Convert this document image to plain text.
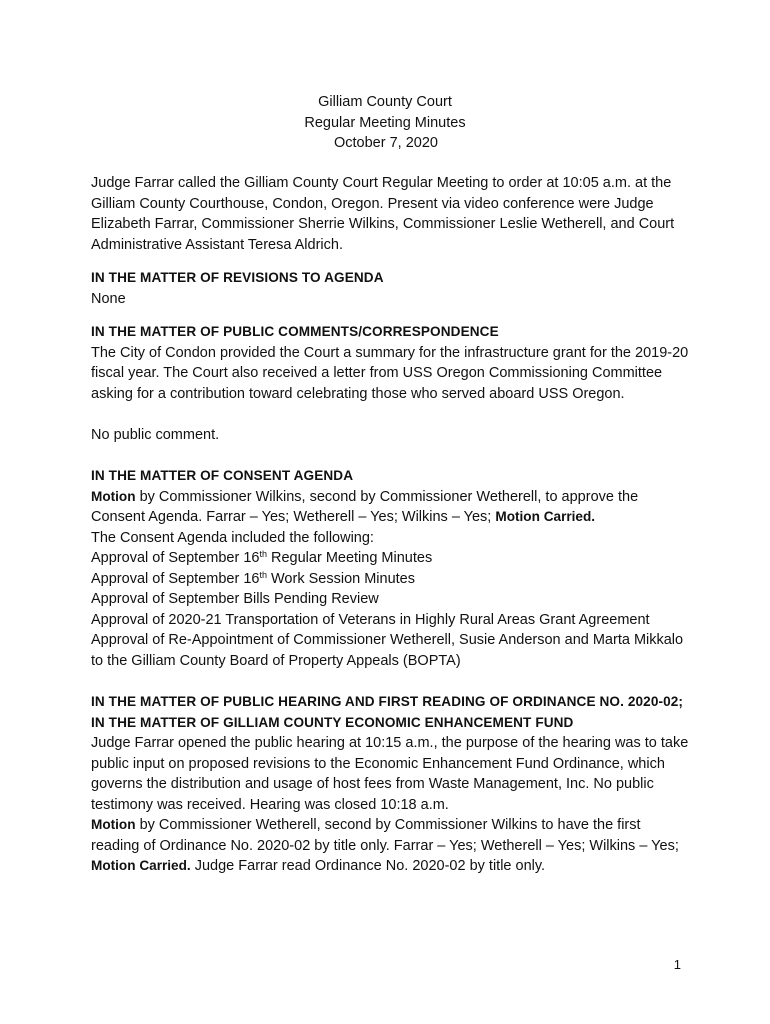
Gilliam County Court
Regular Meeting Minutes
October 7, 2020

Judge Farrar called the Gilliam County Court Regular Meeting to order at 10:05 a.m. at the Gilliam County Courthouse, Condon, Oregon. Present via video conference were Judge Elizabeth Farrar, Commissioner Sherrie Wilkins, Commissioner Leslie Wetherell, and Court Administrative Assistant Teresa Aldrich.

IN THE MATTER OF REVISIONS TO AGENDA

None

IN THE MATTER OF PUBLIC COMMENTS/CORRESPONDENCE

The City of Condon provided the Court a summary for the infrastructure grant for the 2019-20 fiscal year. The Court also received a letter from USS Oregon Commissioning Committee asking for a contribution toward celebrating those who served aboard USS Oregon.

No public comment.

IN THE MATTER OF CONSENT AGENDA

Motion by Commissioner Wilkins, second by Commissioner Wetherell, to approve the Consent Agenda. Farrar – Yes; Wetherell – Yes; Wilkins – Yes; Motion Carried.

The Consent Agenda included the following:

Approval of September 16th Regular Meeting Minutes

Approval of September 16th Work Session Minutes

Approval of September Bills Pending Review

Approval of 2020-21 Transportation of Veterans in Highly Rural Areas Grant Agreement

Approval of Re-Appointment of Commissioner Wetherell, Susie Anderson and Marta Mikkalo to the Gilliam County Board of Property Appeals (BOPTA)

IN THE MATTER OF PUBLIC HEARING AND FIRST READING OF ORDINANCE NO. 2020-02; IN THE MATTER OF GILLIAM COUNTY ECONOMIC ENHANCEMENT FUND

Judge Farrar opened the public hearing at 10:15 a.m., the purpose of the hearing was to take public input on proposed revisions to the Economic Enhancement Fund Ordinance, which governs the distribution and usage of host fees from Waste Management, Inc. No public testimony was received. Hearing was closed 10:18 a.m.

Motion by Commissioner Wetherell, second by Commissioner Wilkins to have the first reading of Ordinance No. 2020-02 by title only. Farrar – Yes; Wetherell – Yes; Wilkins – Yes; Motion Carried. Judge Farrar read Ordinance No. 2020-02 by title only.

1
